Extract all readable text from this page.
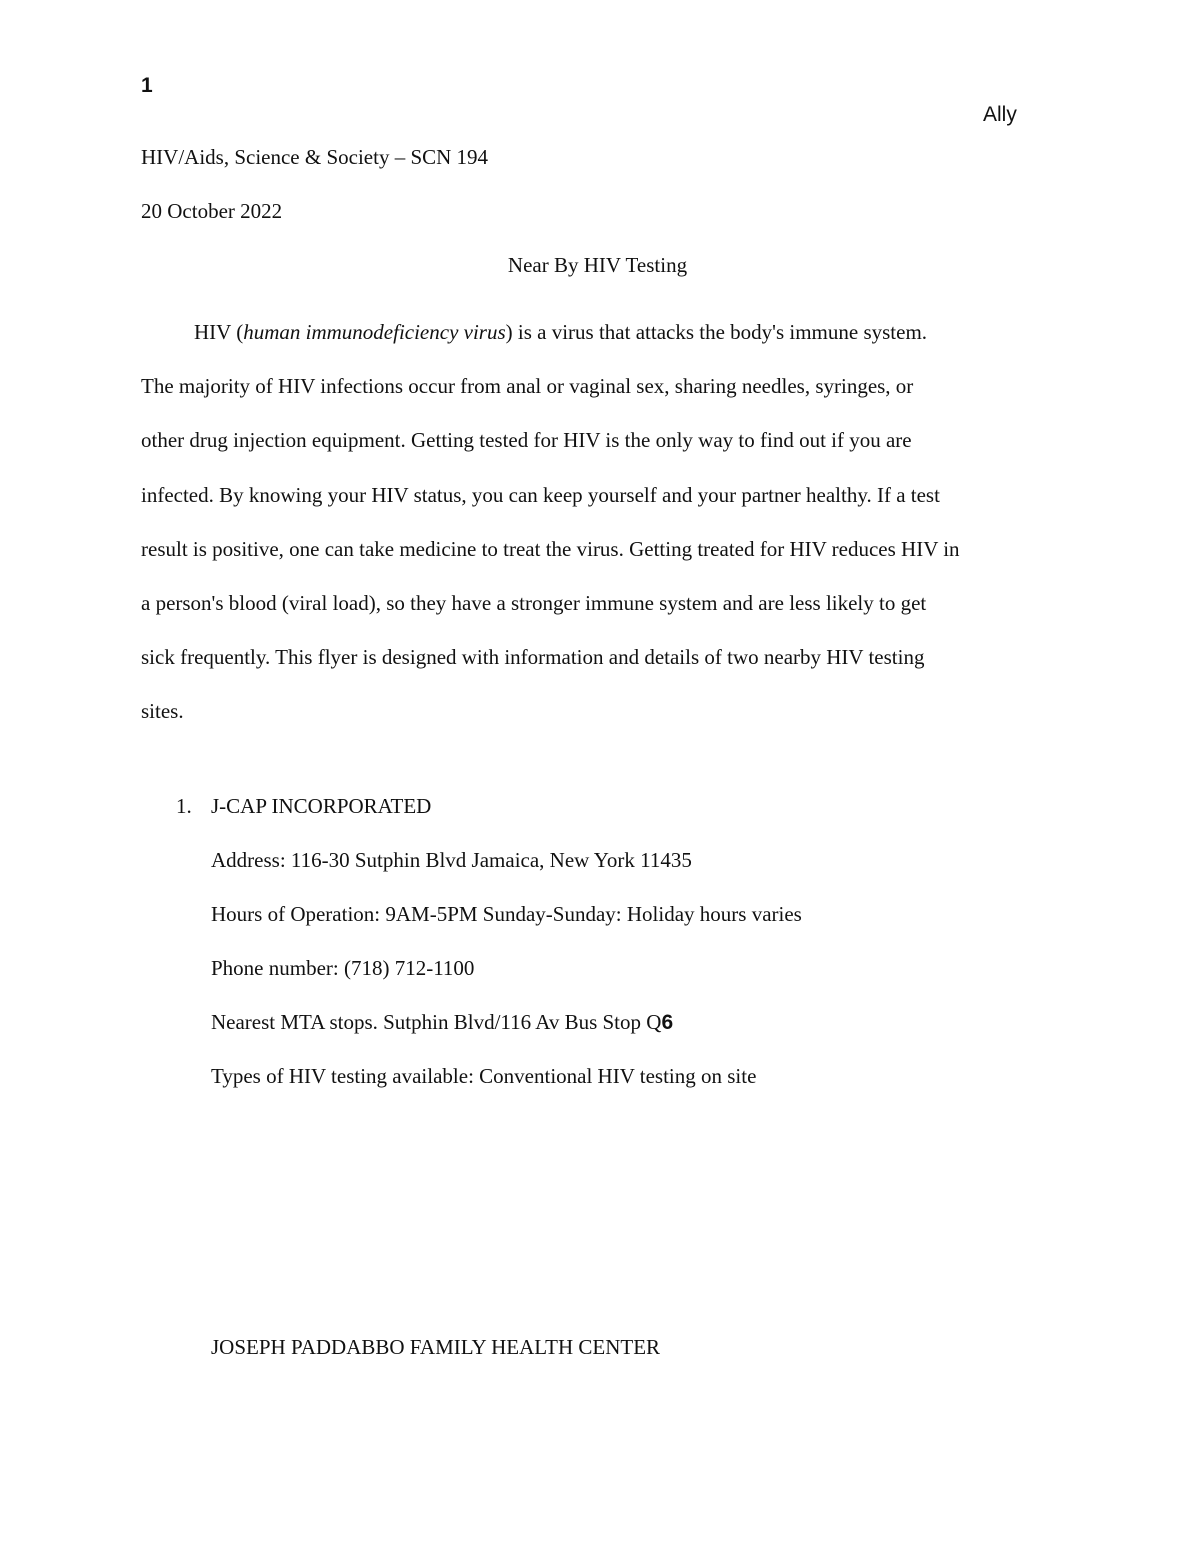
1
Ally
HIV/Aids, Science & Society – SCN 194
20 October 2022
Near By HIV Testing
HIV (human immunodeficiency virus) is a virus that attacks the body's immune system.
The majority of HIV infections occur from anal or vaginal sex, sharing needles, syringes, or
other drug injection equipment. Getting tested for HIV is the only way to find out if you are
infected. By knowing your HIV status, you can keep yourself and your partner healthy. If a test
result is positive, one can take medicine to treat the virus. Getting treated for HIV reduces HIV in
a person's blood (viral load), so they have a stronger immune system and are less likely to get
sick frequently. This flyer is designed with information and details of two nearby HIV testing
sites.
1. J-CAP INCORPORATED
Address: 116-30 Sutphin Blvd Jamaica, New York 11435
Hours of Operation: 9AM-5PM Sunday-Sunday: Holiday hours varies
Phone number: (718) 712-1100
Nearest MTA stops. Sutphin Blvd/116 Av Bus Stop Q6
Types of HIV testing available: Conventional HIV testing on site
JOSEPH PADDABBO FAMILY HEALTH CENTER
